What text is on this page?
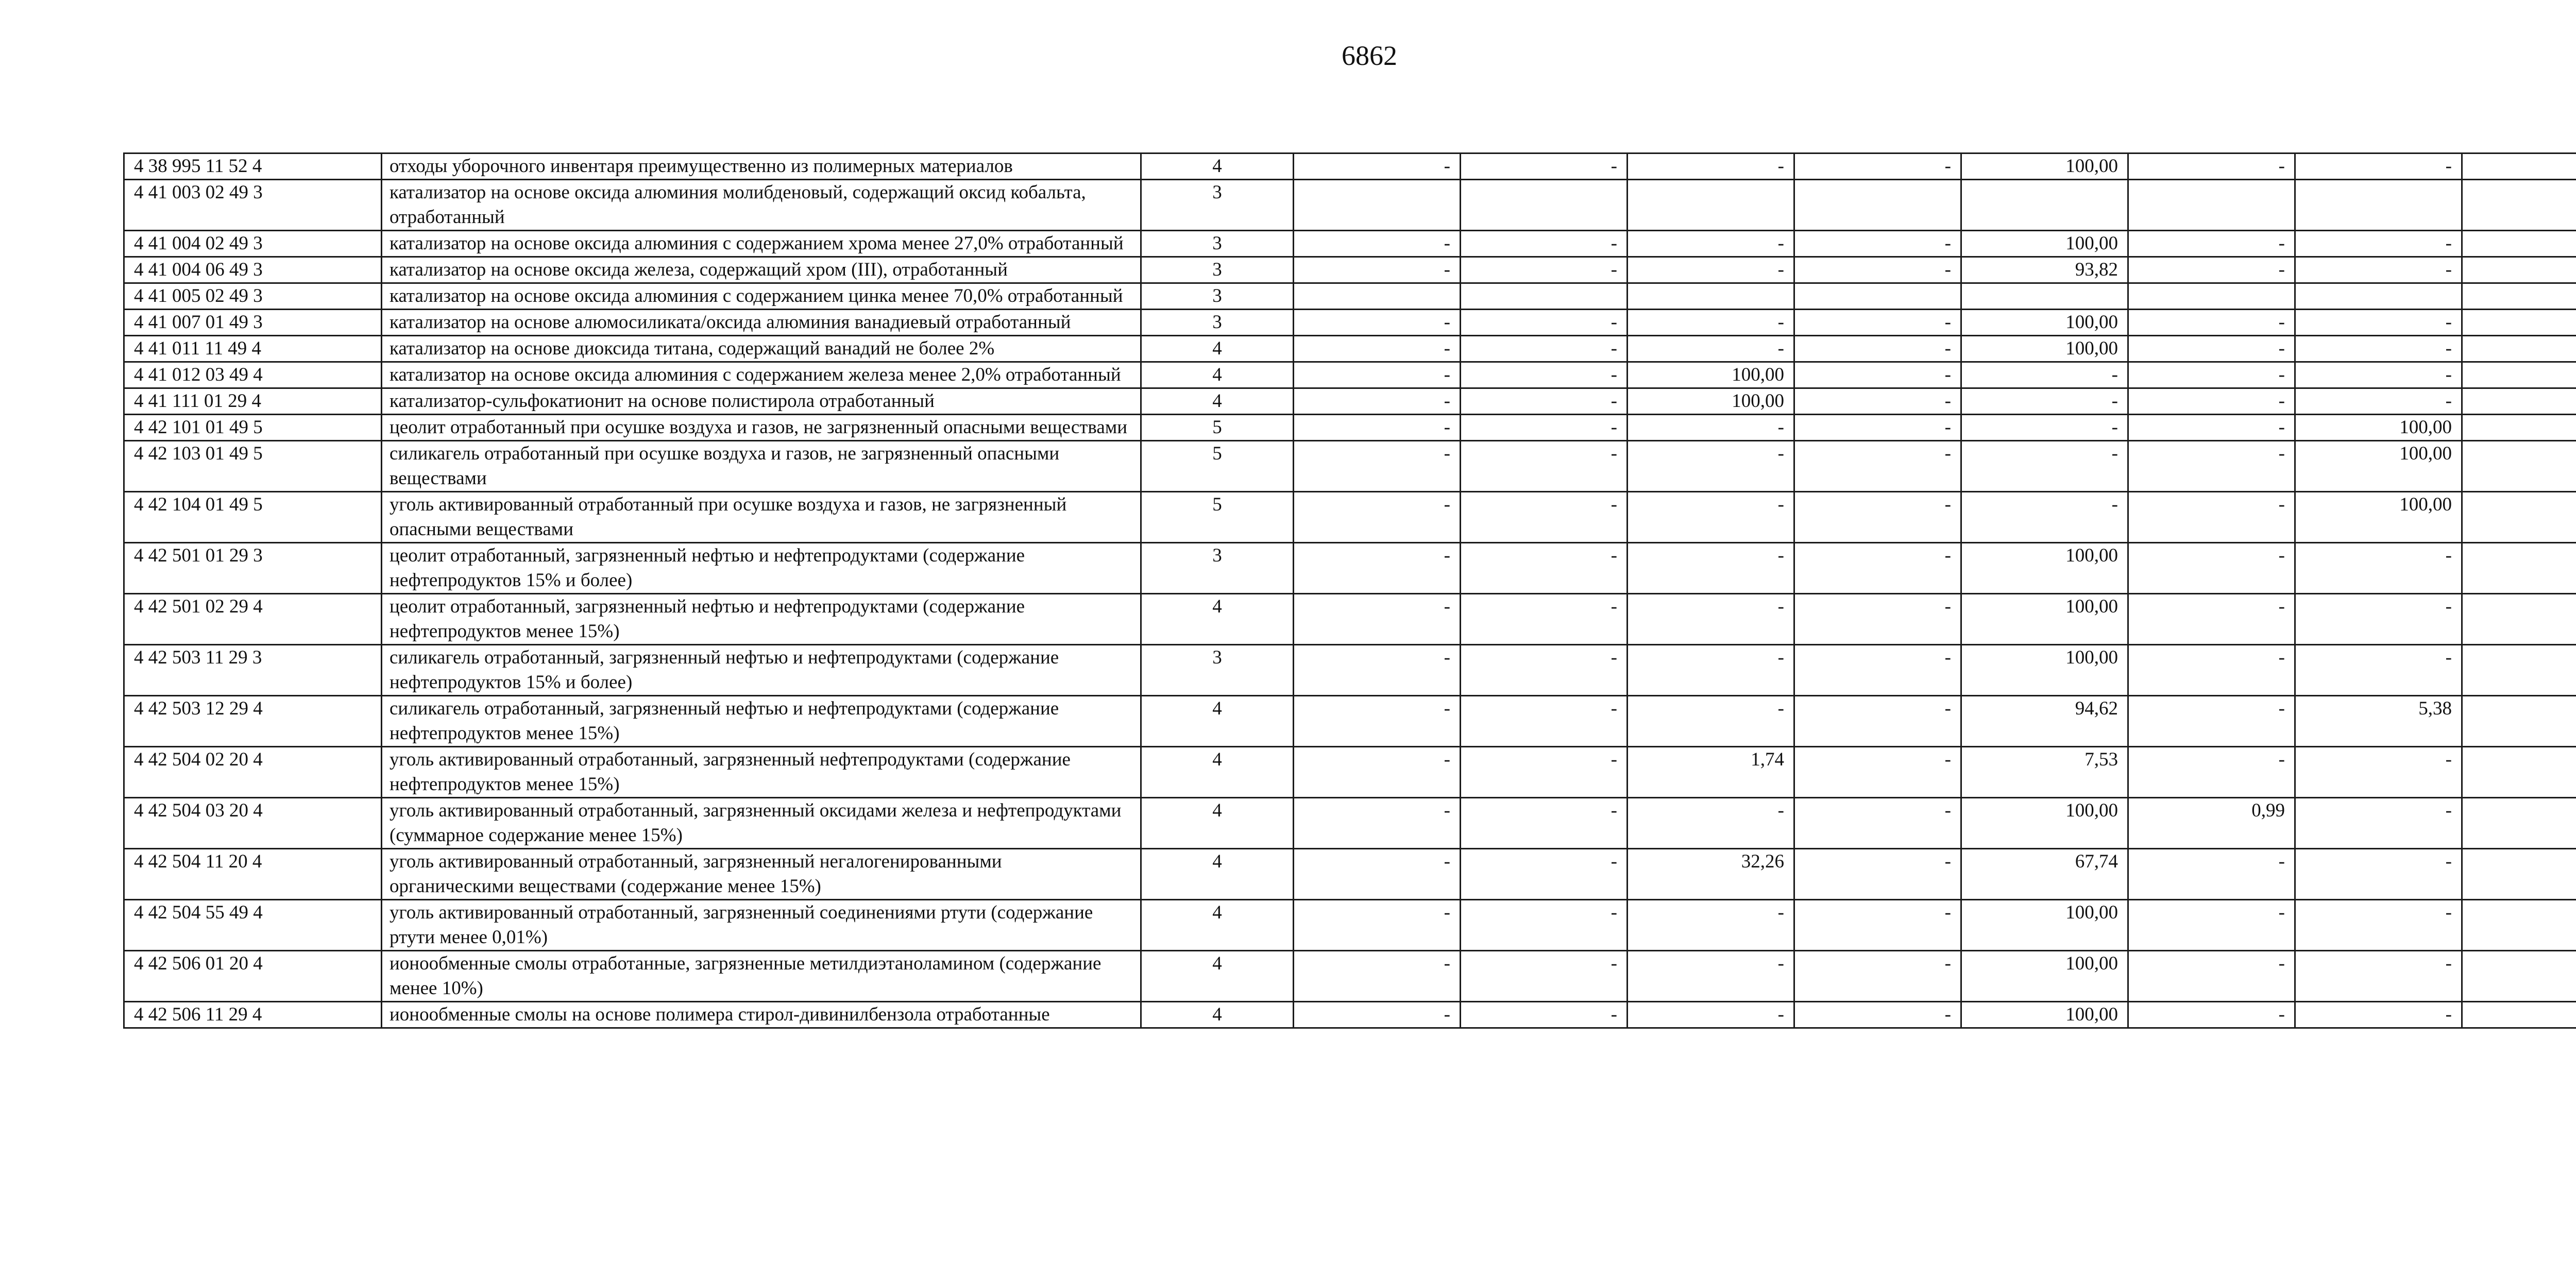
6862
4 38 995 11 52 4	отходы уборочного инвентаря преимущественно из полимерных материалов	4	-	-	-	-	100,00	-	-	
4 41 003 02 49 3	катализатор на основе оксида алюминия молибденовый, содержащий оксид кобальта, отработанный	3								
4 41 004 02 49 3	катализатор на основе оксида алюминия с содержанием хрома менее 27,0% отработанный	3	-	-	-	-	100,00	-	-	
4 41 004 06 49 3	катализатор на основе оксида железа, содержащий хром (III), отработанный	3	-	-	-	-	93,82	-	-	
4 41 005 02 49 3	катализатор на основе оксида алюминия с содержанием цинка менее 70,0% отработанный	3								
4 41 007 01 49 3	катализатор на основе алюмосиликата/оксида алюминия ванадиевый отработанный	3	-	-	-	-	100,00	-	-	
4 41 011 11 49 4	катализатор на основе диоксида титана, содержащий ванадий не более 2%	4	-	-	-	-	100,00	-	-	
4 41 012 03 49 4	катализатор на основе оксида алюминия с содержанием железа менее 2,0% отработанный	4	-	-	100,00	-	-	-	-	
4 41 111 01 29 4	катализатор-сульфокатионит на основе полистирола отработанный	4	-	-	100,00	-	-	-	-	
4 42 101 01 49 5	цеолит отработанный при осушке воздуха и газов, не загрязненный опасными веществами	5	-	-	-	-	-	-	100,00	
4 42 103 01 49 5	силикагель отработанный при осушке воздуха и газов, не загрязненный опасными веществами	5	-	-	-	-	-	-	100,00	
4 42 104 01 49 5	уголь активированный отработанный при осушке воздуха и газов, не загрязненный опасными веществами	5	-	-	-	-	-	-	100,00	
4 42 501 01 29 3	цеолит отработанный, загрязненный нефтью и нефтепродуктами (содержание нефтепродуктов 15% и более)	3	-	-	-	-	100,00	-	-	
4 42 501 02 29 4	цеолит отработанный, загрязненный нефтью и нефтепродуктами (содержание нефтепродуктов менее 15%)	4	-	-	-	-	100,00	-	-	
4 42 503 11 29 3	силикагель отработанный, загрязненный нефтью и нефтепродуктами (содержание нефтепродуктов 15% и более)	3	-	-	-	-	100,00	-	-	
4 42 503 12 29 4	силикагель отработанный, загрязненный нефтью и нефтепродуктами (содержание нефтепродуктов менее 15%)	4	-	-	-	-	94,62	-	5,38	
4 42 504 02 20 4	уголь активированный отработанный, загрязненный нефтепродуктами (содержание нефтепродуктов менее 15%)	4	-	-	1,74	-	7,53	-	-	
4 42 504 03 20 4	уголь активированный отработанный, загрязненный оксидами железа и нефтепродуктами (суммарное содержание менее 15%)	4	-	-	-	-	100,00	0,99	-	
4 42 504 11 20 4	уголь активированный отработанный, загрязненный негалогенированными органическими веществами (содержание менее 15%)	4	-	-	32,26	-	67,74	-	-	
4 42 504 55 49 4	уголь активированный отработанный, загрязненный соединениями ртути (содержание ртути менее 0,01%)	4	-	-	-	-	100,00	-	-	
4 42 506 01 20 4	ионообменные смолы отработанные, загрязненные метилдиэтаноламином (содержание менее 10%)	4	-	-	-	-	100,00	-	-	
4 42 506 11 29 4	ионообменные смолы на основе полимера стирол-дивинилбензола отработанные	4	-	-	-	-	100,00	-	-	
